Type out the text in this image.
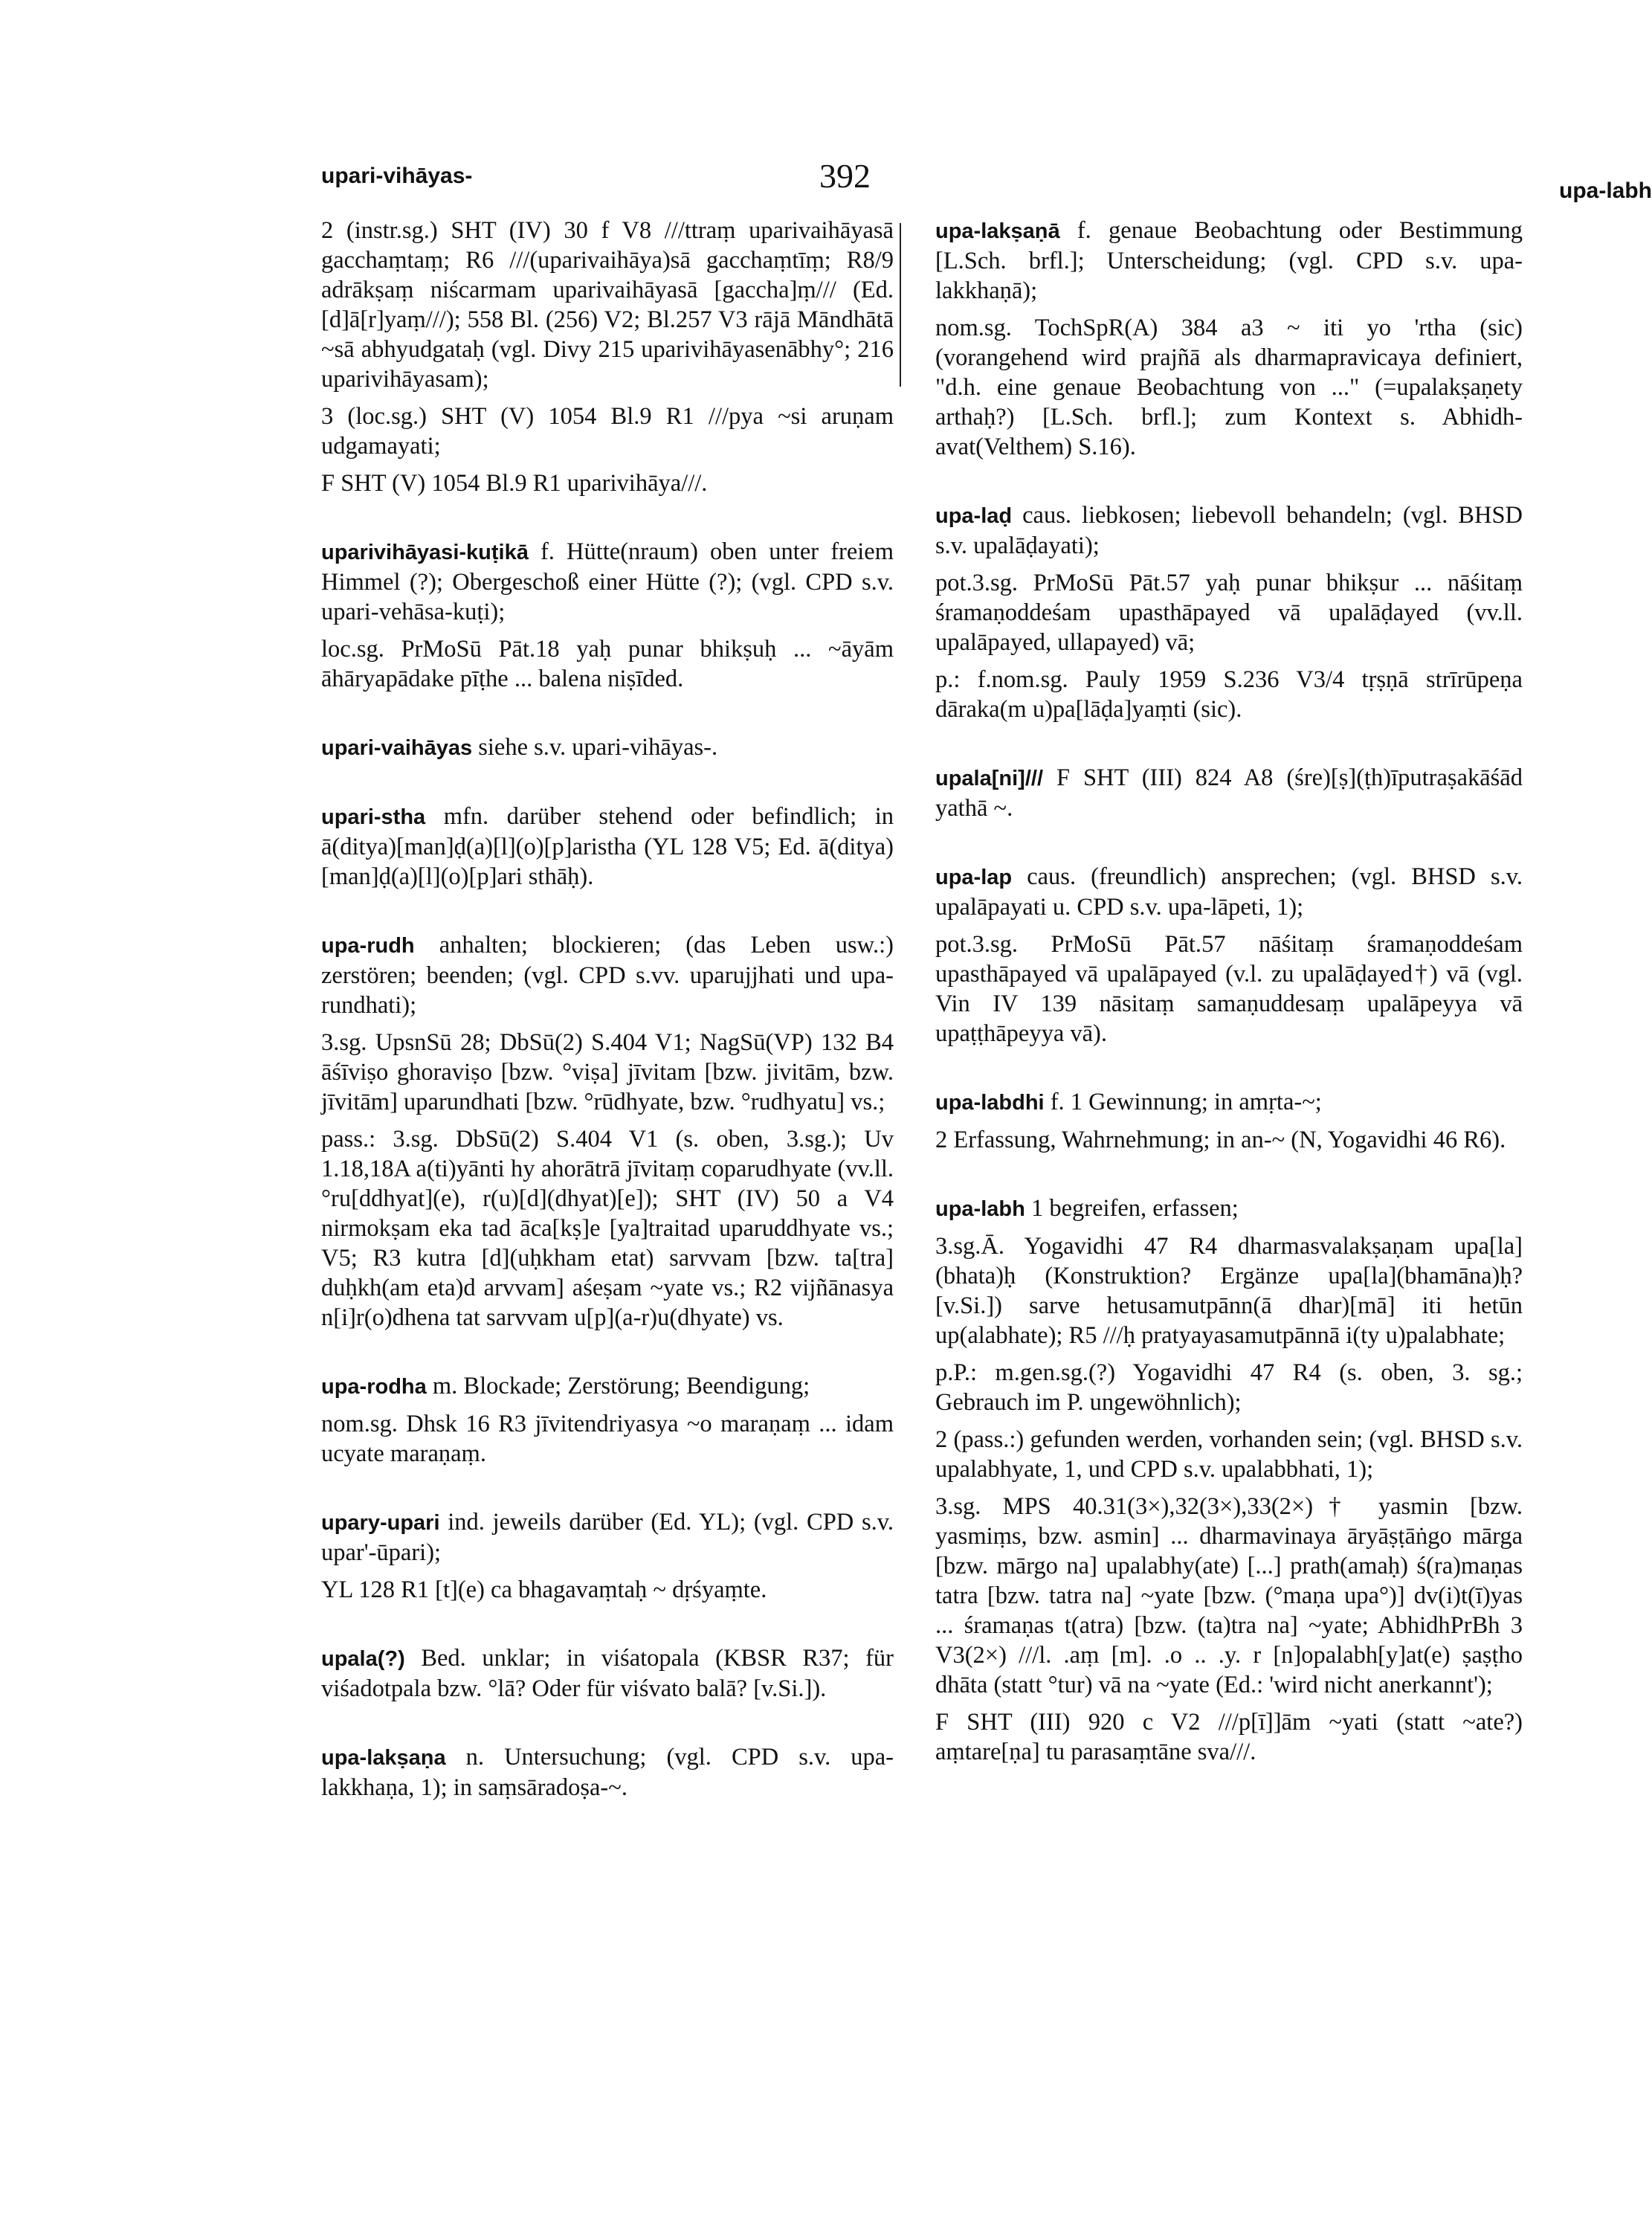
upari-vihāyas-	392	upa-labh

2 (instr.sg.) SHT (IV) 30 f V8 ///ttraṃ uparivaihāyasā gacchaṃtaṃ; R6 ///(uparivaihāya)sā gacchaṃtīṃ; R8/9 adrākṣaṃ niścarmam uparivaihāyasā [gaccha]ṃ/// (Ed. [d]ā[r]yaṃ///); 558 Bl. (256) V2; Bl.257 V3 rājā Māndhātā ~sā abhyudgataḥ (vgl. Divy 215 uparivihāyasenābhy°; 216 uparivihāyasam);

3 (loc.sg.) SHT (V) 1054 Bl.9 R1 ///pya ~si aruṇam udgamayati;

F SHT (V) 1054 Bl.9 R1 uparivihāya///.

uparivihāyasi-kuṭikā f. Hütte(nraum) oben unter freiem Himmel (?); Obergeschoß einer Hütte (?); (vgl. CPD s.v. upari-vehāsa-kuṭi);

loc.sg. PrMoSū Pāt.18 yaḥ punar bhikṣuḥ ... ~āyām āhāryapādake pīṭhe ... balena niṣīded.

upari-vaihāyas siehe s.v. upari-vihāyas-.

upari-stha mfn. darüber stehend oder befindlich; in ā(ditya)[man]ḍ(a)[l](o)[p]aristha (YL 128 V5; Ed. ā(ditya)[man]ḍ(a)[l](o)[p]ari sthāḥ).

upa-rudh anhalten; blockieren; (das Leben usw.:) zerstören; beenden; (vgl. CPD s.vv. uparujjhati und upa-rundhati);

3.sg. UpsnSū 28; DbSū(2) S.404 V1; NagSū(VP) 132 B4 āśīviṣo ghoraviṣo [bzw. °viṣa] jīvitam [bzw. jivitām, bzw. jīvitām] uparundhati [bzw. °rūdhyate, bzw. °rudhyatu] vs.;

pass.: 3.sg. DbSū(2) S.404 V1 (s. oben, 3.sg.); Uv 1.18,18A a(ti)yānti hy ahorātrā jīvitaṃ coparudhyate (vv.ll. °ru[ddhyat](e), r(u)[d](dhyat)[e]); SHT (IV) 50 a V4 nirmokṣam eka tad āca[kṣ]e [ya]traitad uparuddhyate vs.; V5; R3 kutra [d](uḥkham etat) sarvvam [bzw. ta[tra] duḥkh(am eta)d arvvam] aśeṣam ~yate vs.; R2 vijñānasya n[i]r(o)dhena tat sarvvam u[p](a-r)u(dhyate) vs.

upa-rodha m. Blockade; Zerstörung; Beendigung;

nom.sg. Dhsk 16 R3 jīvitendriyasya ~o maraṇaṃ ... idam ucyate maraṇaṃ.

upary-upari ind. jeweils darüber (Ed. YL); (vgl. CPD s.v. upar'-ūpari);

YL 128 R1 [t](e) ca bhagavaṃtaḥ ~ dṛśyaṃte.

upala(?) Bed. unklar; in viśatopala (KBSR R37; für viśadotpala bzw. °lā? Oder für viśvato balā? [v.Si.]).

upa-lakṣaṇa n. Untersuchung; (vgl. CPD s.v. upa-lakkhaṇa, 1); in saṃsāradoṣa-~.

upa-lakṣaṇā f. genaue Beobachtung oder Bestimmung [L.Sch. brfl.]; Unterscheidung; (vgl. CPD s.v. upa-lakkhaṇā);

nom.sg. TochSpR(A) 384 a3 ~ iti yo 'rtha (sic) (vorangehend wird prajñā als dharmapravicaya definiert, "d.h. eine genaue Beobachtung von ..." (=upalakṣaṇety arthaḥ?) [L.Sch. brfl.]; zum Kontext s. Abhidh-avat(Velthem) S.16).

upa-laḍ caus. liebkosen; liebevoll behandeln; (vgl. BHSD s.v. upalāḍayati);

pot.3.sg. PrMoSū Pāt.57 yaḥ punar bhikṣur ... nāśitaṃ śramaṇoddeśam upasthāpayed vā upalāḍayed (vv.ll. upalāpayed, ullapayed) vā;

p.: f.nom.sg. Pauly 1959 S.236 V3/4 tṛṣṇā strīrūpeṇa dāraka(m u)pa[lāḍa]yaṃti (sic).

upala[ni]/// F SHT (III) 824 A8 (śre)[ṣ](ṭh)īputraṣakāśād yathā ~.

upa-lap caus. (freundlich) ansprechen; (vgl. BHSD s.v. upalāpayati u. CPD s.v. upa-lāpeti, 1);

pot.3.sg. PrMoSū Pāt.57 nāśitaṃ śramaṇoddeśam upasthāpayed vā upalāpayed (v.l. zu upalāḍayed†) vā (vgl. Vin IV 139 nāsitaṃ samaṇuddesaṃ upalāpeyya vā upaṭṭhāpeyya vā).

upa-labdhi f. 1 Gewinnung; in amṛta-~;

2 Erfassung, Wahrnehmung; in an-~ (N, Yogavidhi 46 R6).

upa-labh 1 begreifen, erfassen;

3.sg.Ā. Yogavidhi 47 R4 dharmasvalakṣaṇam upa[la](bhata)ḥ (Konstruktion? Ergänze upa[la](bhamāna)ḥ? [v.Si.]) sarve hetusamutpānn(ā dhar)[mā] iti hetūn up(alabhate); R5 ///ḥ pratyayasamutpānnā i(ty u)palabhate;

p.P.: m.gen.sg.(?) Yogavidhi 47 R4 (s. oben, 3. sg.; Gebrauch im P. ungewöhnlich);

2 (pass.:) gefunden werden, vorhanden sein; (vgl. BHSD s.v. upalabhyate, 1, und CPD s.v. upalabbhati, 1);

3.sg. MPS 40.31(3×),32(3×),33(2×)† yasmin [bzw. yasmiṃs, bzw. asmin] ... dharmavinaya āryāṣṭāṅgo mārga [bzw. mārgo na] upalabhy(ate) [...] prath(amaḥ) ś(ra)maṇas tatra [bzw. tatra na] ~yate [bzw. (°maṇa upa°)] dv(i)t(ī)yas ... śramaṇas t(atra) [bzw. (ta)tra na] ~yate; AbhidhPrBh 3 V3(2×) ///l. .aṃ [m]. .o .. .y. r [n]opalabh[y]at(e) ṣaṣṭho dhāta (statt °tur) vā na ~yate (Ed.: 'wird nicht anerkannt');

F SHT (III) 920 c V2 ///p[ī]]ām ~yati (statt ~ate?) aṃtare[ṇa] tu parasaṃtāne sva///.
